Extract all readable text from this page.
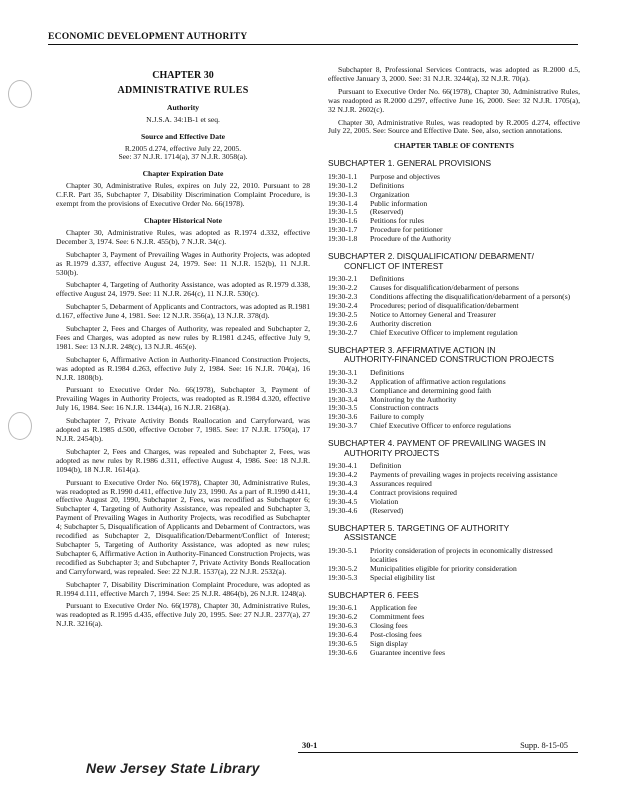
ECONOMIC DEVELOPMENT AUTHORITY
CHAPTER 30
ADMINISTRATIVE RULES
Authority
N.J.S.A. 34:1B-1 et seq.
Source and Effective Date
R.2005 d.274, effective July 22, 2005.
See: 37 N.J.R. 1714(a), 37 N.J.R. 3058(a).
Chapter Expiration Date

Chapter 30, Administrative Rules, expires on July 22, 2010. Pursuant to 28 C.F.R. Part 35, Subchapter 7, Disability Discrimination Complaint Procedure, is exempt from the provisions of Executive Order No. 66(1978).

Chapter Historical Note

Chapter 30, Administrative Rules, was adopted as R.1974 d.332, effective December 3, 1974. See: 6 N.J.R. 455(b), 7 N.J.R. 34(c).

Subchapter 3, Payment of Prevailing Wages in Authority Projects, was adopted as R.1979 d.337, effective August 24, 1979. See: 11 N.J.R. 152(b), 11 N.J.R. 530(b).

Subchapter 4, Targeting of Authority Assistance, was adopted as R.1979 d.338, effective August 24, 1979. See: 11 N.J.R. 264(c), 11 N.J.R. 530(c).

Subchapter 5, Debarment of Applicants and Contractors, was adopted as R.1981 d.167, effective June 4, 1981. See: 12 N.J.R. 356(a), 13 N.J.R. 378(d).

Subchapter 2, Fees and Charges of Authority, was repealed and Subchapter 2, Fees and Charges, was adopted as new rules by R.1981 d.245, effective July 9, 1981. See: 13 N.J.R. 248(c), 13 N.J.R. 465(e).

Subchapter 6, Affirmative Action in Authority-Financed Construction Projects, was adopted as R.1984 d.263, effective July 2, 1984. See: 16 N.J.R. 704(a), 16 N.J.R. 1808(b).

Pursuant to Executive Order No. 66(1978), Subchapter 3, Payment of Prevailing Wages in Authority Projects, was readopted as R.1984 d.320, effective July 16, 1984. See: 16 N.J.R. 1344(a), 16 N.J.R. 2168(a).

Subchapter 7, Private Activity Bonds Reallocation and Carryforward, was adopted as R.1985 d.500, effective October 7, 1985. See: 17 N.J.R. 1750(a), 17 N.J.R. 2454(b).

Subchapter 2, Fees and Charges, was repealed and Subchapter 2, Fees, was adopted as new rules by R.1986 d.311, effective August 4, 1986. See: 18 N.J.R. 1094(b), 18 N.J.R. 1614(a).

Pursuant to Executive Order No. 66(1978), Chapter 30, Administrative Rules, was readopted as R.1990 d.411, effective July 23, 1990. As a part of R.1990 d.411, effective August 20, 1990, Subchapter 2, Fees, was recodified as Subchapter 6; Subchapter 4, Targeting of Authority Assistance, was repealed and Subchapter 3, Payment of Prevailing Wages in Authority Projects, was recodified as Subchapter 4; Subchapter 5, Disqualification of Applicants and Debarment of Contractors, was recodified as Subchapter 2, Disqualification/Debarment/Conflict of Interest; Subchapter 5, Targeting of Authority Assistance, was adopted as new rules; Subchapter 6, Affirmative Action in Authority-Financed Construction Projects, was recodified as Subchapter 3; and Subchapter 7, Private Activity Bonds Reallocation and Carryforward, was repealed. See: 22 N.J.R. 1537(a), 22 N.J.R. 2532(a).

Subchapter 7, Disability Discrimination Complaint Procedure, was adopted as R.1994 d.111, effective March 7, 1994. See: 25 N.J.R. 4864(b), 26 N.J.R. 1248(a).

Pursuant to Executive Order No. 66(1978), Chapter 30, Administrative Rules, was readopted as R.1995 d.435, effective July 20, 1995. See: 27 N.J.R. 2377(a), 27 N.J.R. 3216(a).

Subchapter 8, Professional Services Contracts, was adopted as R.2000 d.5, effective January 3, 2000. See: 31 N.J.R. 3244(a), 32 N.J.R. 70(a).

Pursuant to Executive Order No. 66(1978), Chapter 30, Administrative Rules, was readopted as R.2000 d.297, effective June 16, 2000. See: 32 N.J.R. 1705(a), 32 N.J.R. 2602(c).

Chapter 30, Administrative Rules, was readopted by R.2005 d.274, effective July 22, 2005. See: Source and Effective Date. See, also, section annotations.

CHAPTER TABLE OF CONTENTS
SUBCHAPTER 1. GENERAL PROVISIONS
19:30-1.1	Purpose and objectives
19:30-1.2	Definitions
19:30-1.3	Organization
19:30-1.4	Public information
19:30-1.5	(Reserved)
19:30-1.6	Petitions for rules
19:30-1.7	Procedure for petitioner
19:30-1.8	Procedure of the Authority
SUBCHAPTER 2. DISQUALIFICATION/ DEBARMENT/
CONFLICT OF INTEREST
19:30-2.1	Definitions
19:30-2.2	Causes for disqualification/debarment of persons
19:30-2.3	Conditions affecting the disqualification/debarment of a person(s)
19:30-2.4	Procedures; period of disqualification/debarment
19:30-2.5	Notice to Attorney General and Treasurer
19:30-2.6	Authority discretion
19:30-2.7	Chief Executive Officer to implement regulation
SUBCHAPTER 3. AFFIRMATIVE ACTION IN
AUTHORITY-FINANCED CONSTRUCTION PROJECTS
19:30-3.1	Definitions
19:30-3.2	Application of affirmative action regulations
19:30-3.3	Compliance and determining good faith
19:30-3.4	Monitoring by the Authority
19:30-3.5	Construction contracts
19:30-3.6	Failure to comply
19:30-3.7	Chief Executive Officer to enforce regulations
SUBCHAPTER 4. PAYMENT OF PREVAILING WAGES IN
AUTHORITY PROJECTS
19:30-4.1	Definition
19:30-4.2	Payments of prevailing wages in projects receiving assistance
19:30-4.3	Assurances required
19:30-4.4	Contract provisions required
19:30-4.5	Violation
19:30-4.6	(Reserved)
SUBCHAPTER 5. TARGETING OF AUTHORITY
ASSISTANCE
19:30-5.1	Priority consideration of projects in economically distressed localities
19:30-5.2	Municipalities eligible for priority consideration
19:30-5.3	Special eligibility list
SUBCHAPTER 6. FEES
19:30-6.1	Application fee
19:30-6.2	Commitment fees
19:30-6.3	Closing fees
19:30-6.4	Post-closing fees
19:30-6.5	Sign display
19:30-6.6	Guarantee incentive fees
30-1	Supp. 8-15-05
New Jersey State Library
